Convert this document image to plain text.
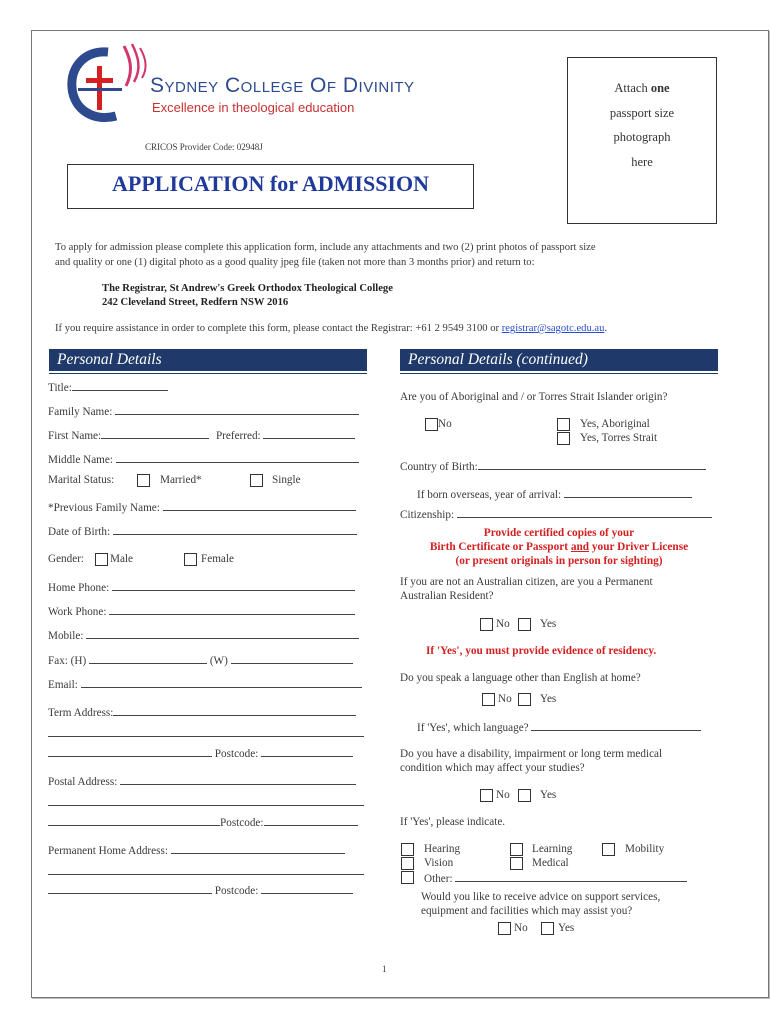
Sydney College Of Divinity
Excellence in theological education
CRICOS Provider Code: 02948J
Attach one
passport size
photograph
here
APPLICATION for ADMISSION
To apply for admission please complete this application form, include any attachments and two (2) print photos of passport size
and quality or one (1) digital photo as a good quality jpeg file (taken not more than 3 months prior) and return to:
The Registrar, St Andrew's Greek Orthodox Theological College
242 Cleveland Street, Redfern NSW 2016
If you require assistance in order to complete this form, please contact the Registrar: +61 2 9549 3100 or registrar@sagotc.edu.au.
Personal Details	Personal Details (continued)
Title:
Family Name:
First Name:	Preferred:
Middle Name:
Marital Status:	Married*	Single
*Previous Family Name:
Date of Birth:
Gender: Male	Female
Home Phone:
Work Phone:
Mobile:
Fax: (H)	(W)
Email:
Term Address:
Postcode:
Postal Address:
Postcode:
Permanent Home Address:
Postcode:
Are you of Aboriginal and / or Torres Strait Islander origin?
No	Yes, Aboriginal
Yes, Torres Strait
Country of Birth:
If born overseas, year of arrival:
Citizenship:
Provide certified copies of your
Birth Certificate or Passport and your Driver License
(or present originals in person for sighting)
If you are not an Australian citizen, are you a Permanent
Australian Resident?
No	Yes
If 'Yes', you must provide evidence of residency.
Do you speak a language other than English at home?
No	Yes
If 'Yes', which language?
Do you have a disability, impairment or long term medical
condition which may affect your studies?
No	Yes
If 'Yes', please indicate.
Hearing	Learning	Mobility
Vision	Medical
Other:
Would you like to receive advice on support services,
equipment and facilities which may assist you?
No	Yes
1
